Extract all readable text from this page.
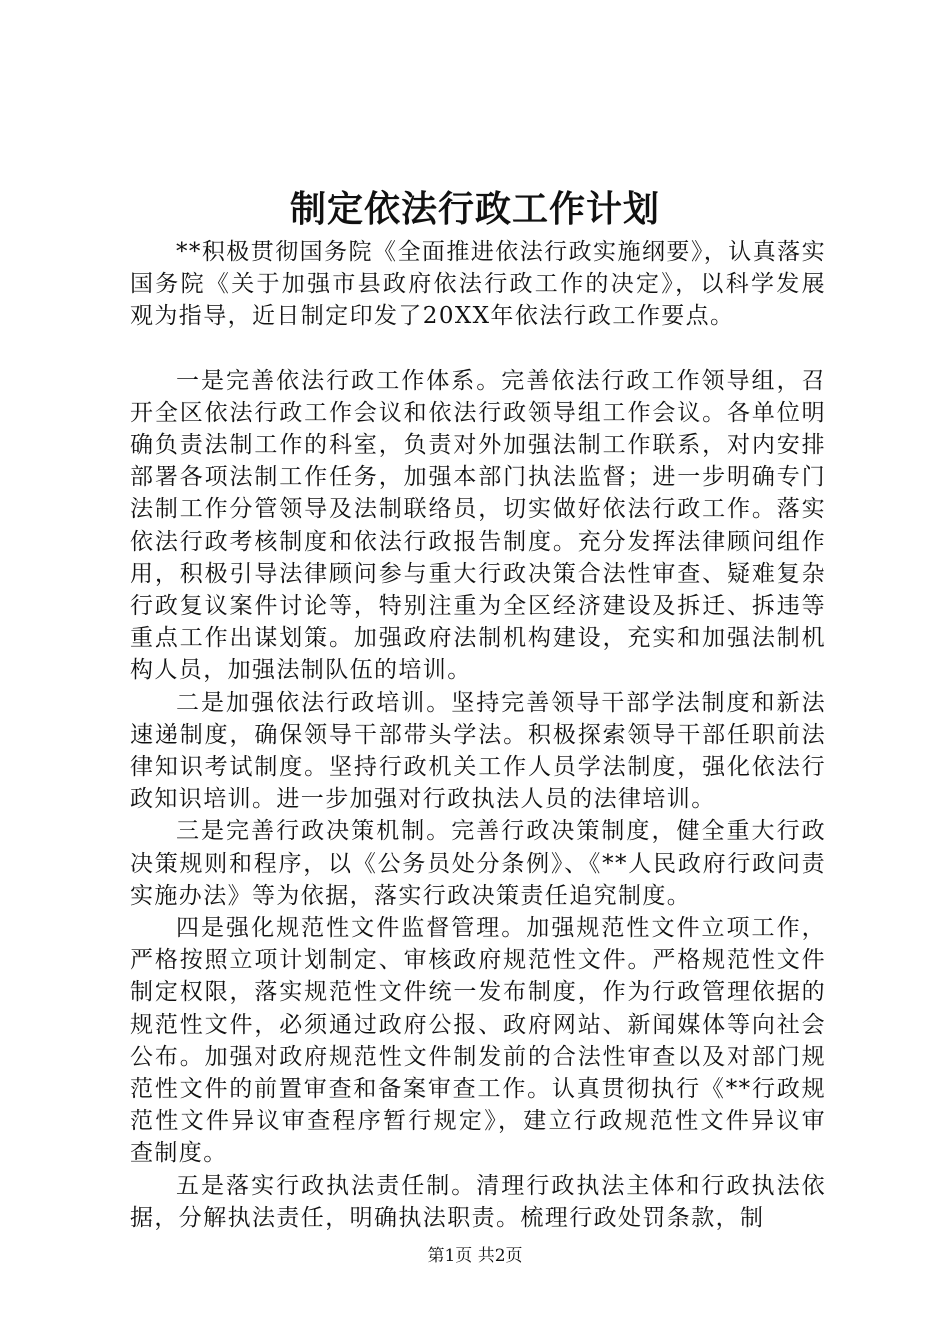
制定依法行政工作计划

**积极贯彻国务院《全面推进依法行政实施纲要》，认真落实国务院《关于加强市县政府依法行政工作的决定》，以科学发展观为指导，近日制定印发了20XX年依法行政工作要点。

一是完善依法行政工作体系。完善依法行政工作领导组，召开全区依法行政工作会议和依法行政领导组工作会议。各单位明确负责法制工作的科室，负责对外加强法制工作联系，对内安排部署各项法制工作任务，加强本部门执法监督；进一步明确专门法制工作分管领导及法制联络员，切实做好依法行政工作。落实依法行政考核制度和依法行政报告制度。充分发挥法律顾问组作用，积极引导法律顾问参与重大行政决策合法性审查、疑难复杂行政复议案件讨论等，特别注重为全区经济建设及拆迁、拆违等重点工作出谋划策。加强政府法制机构建设，充实和加强法制机构人员，加强法制队伍的培训。

二是加强依法行政培训。坚持完善领导干部学法制度和新法速递制度，确保领导干部带头学法。积极探索领导干部任职前法律知识考试制度。坚持行政机关工作人员学法制度，强化依法行政知识培训。进一步加强对行政执法人员的法律培训。

三是完善行政决策机制。完善行政决策制度，健全重大行政决策规则和程序，以《公务员处分条例》、《**人民政府行政问责实施办法》等为依据，落实行政决策责任追究制度。

四是强化规范性文件监督管理。加强规范性文件立项工作，严格按照立项计划制定、审核政府规范性文件。严格规范性文件制定权限，落实规范性文件统一发布制度，作为行政管理依据的规范性文件，必须通过政府公报、政府网站、新闻媒体等向社会公布。加强对政府规范性文件制发前的合法性审查以及对部门规范性文件的前置审查和备案审查工作。认真贯彻执行《**行政规范性文件异议审查程序暂行规定》，建立行政规范性文件异议审查制度。

五是落实行政执法责任制。清理行政执法主体和行政执法依据，分解执法责任，明确执法职责。梳理行政处罚条款，制

第1页 共2页
